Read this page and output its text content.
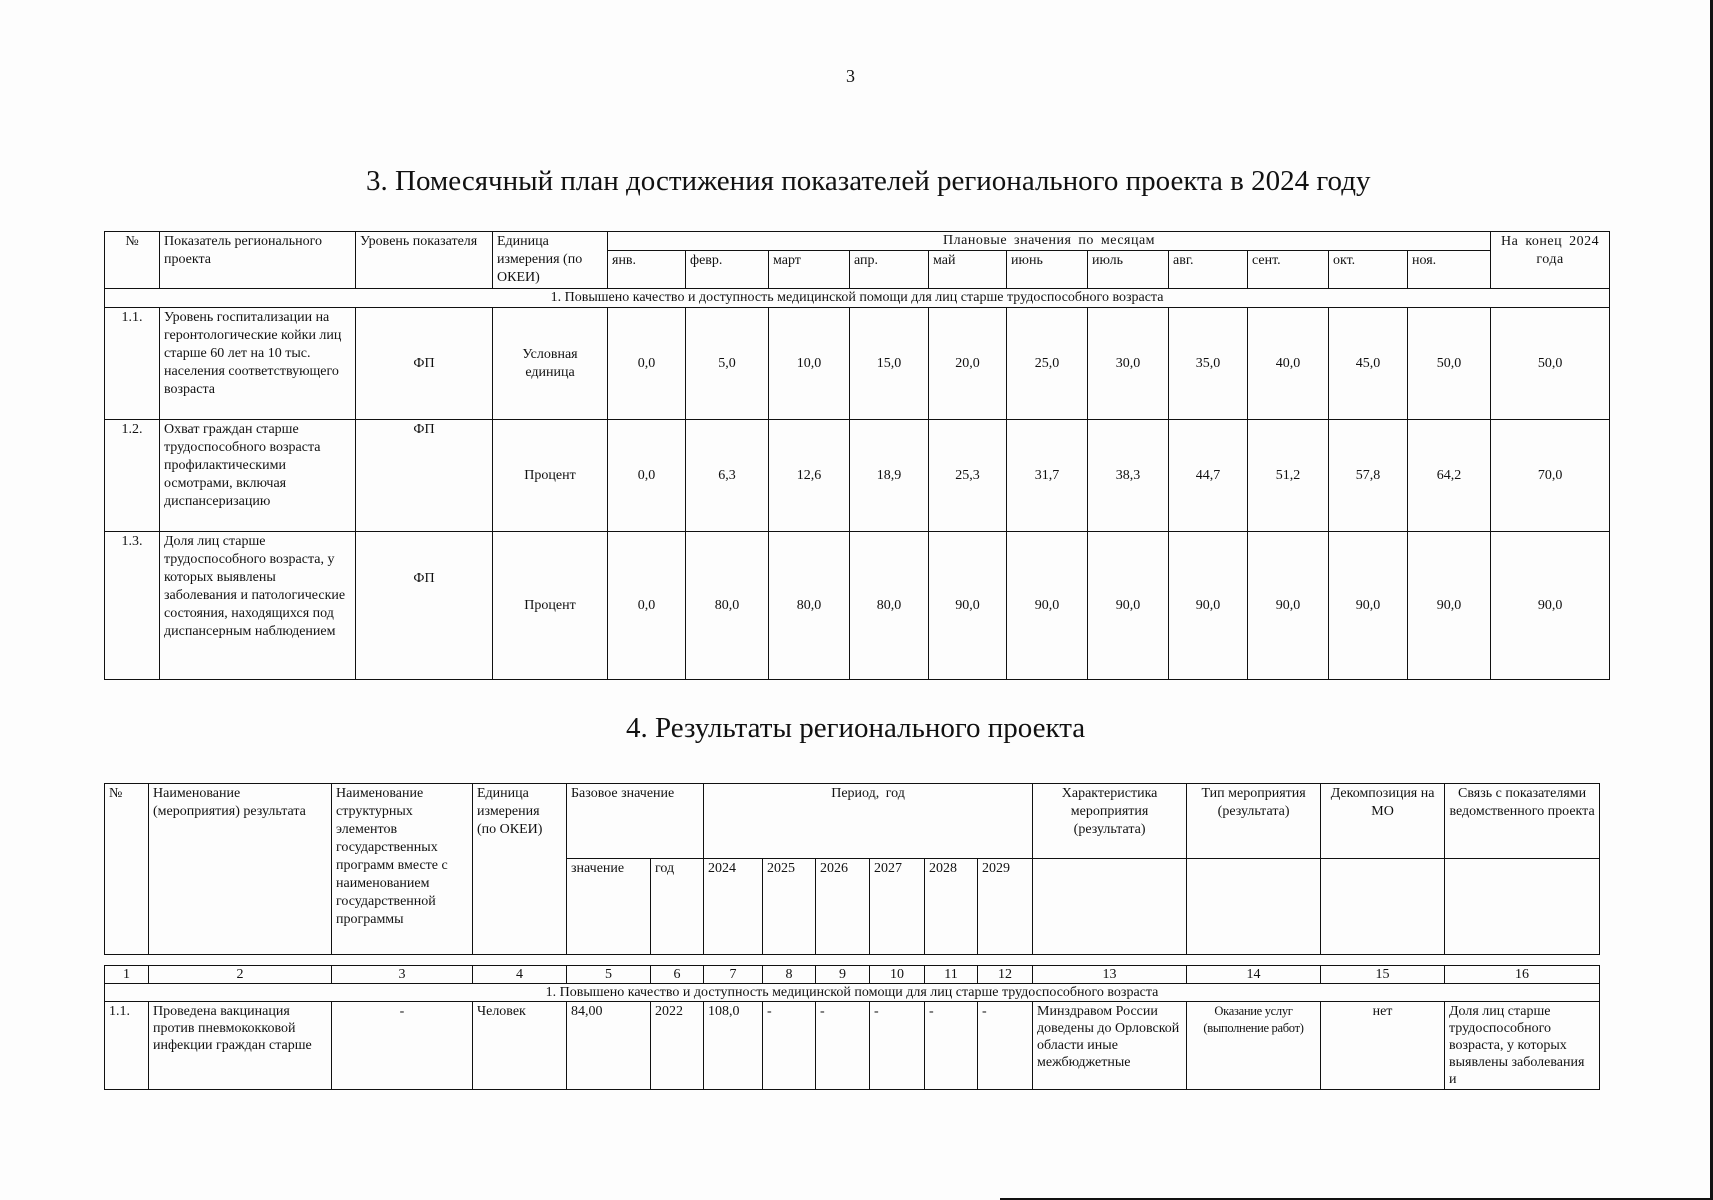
3
3. Помесячный план достижения показателей регионального проекта в 2024 году
№	Показатель регионального проекта	Уровень показателя	Единица измерения (по ОКЕИ)	Плановые значения по месяцам											На конец 2024 года
				янв.	февр.	март	апр.	май	июнь	июль	авг.	сент.	окт.	ноя.	
1. Повышено качество и доступность медицинской помощи для лиц старше трудоспособного возраста															
1.1.	Уровень госпитализации на геронтологические койки лиц старше 60 лет на 10 тыс. населения соответствующего возраста	ФП	Условная единица	0,0	5,0	10,0	15,0	20,0	25,0	30,0	35,0	40,0	45,0	50,0	50,0
1.2.	Охват граждан старше трудоспособного возраста профилактическими осмотрами, включая диспансеризацию	ФП	Процент	0,0	6,3	12,6	18,9	25,3	31,7	38,3	44,7	51,2	57,8	64,2	70,0
1.3.	Доля лиц старше трудоспособного возраста, у которых выявлены заболевания и патологические состояния, находящихся под диспансерным наблюдением	ФП	Процент	0,0	80,0	80,0	80,0	90,0	90,0	90,0	90,0	90,0	90,0	90,0	90,0
4. Результаты регионального проекта
№	Наименование (мероприятия) результата	Наименование структурных элементов государственных программ вместе с наименованием государственной программы	Единица измерения (по ОКЕИ)	Базовое значение		Период, год						Характеристика мероприятия (результата)	Тип мероприятия (результата)	Декомпозиция на МО	Связь с показателями ведомственного проекта
				значение	год	2024	2025	2026	2027	2028	2029				
1	2	3	4	5	6	7	8	9	10	11	12	13	14	15	16
1. Повышено качество и доступность медицинской помощи для лиц старше трудоспособного возраста															
1.1.	Проведена вакцинация против пневмококковой инфекции граждан старше	-	Человек	84,00	2022	108,0	-	-	-	-	-	Минздравом России доведены до Орловской области иные межбюджетные	Оказание услуг (выполнение работ)	нет	Доля лиц старше трудоспособного возраста, у которых выявлены заболевания и
